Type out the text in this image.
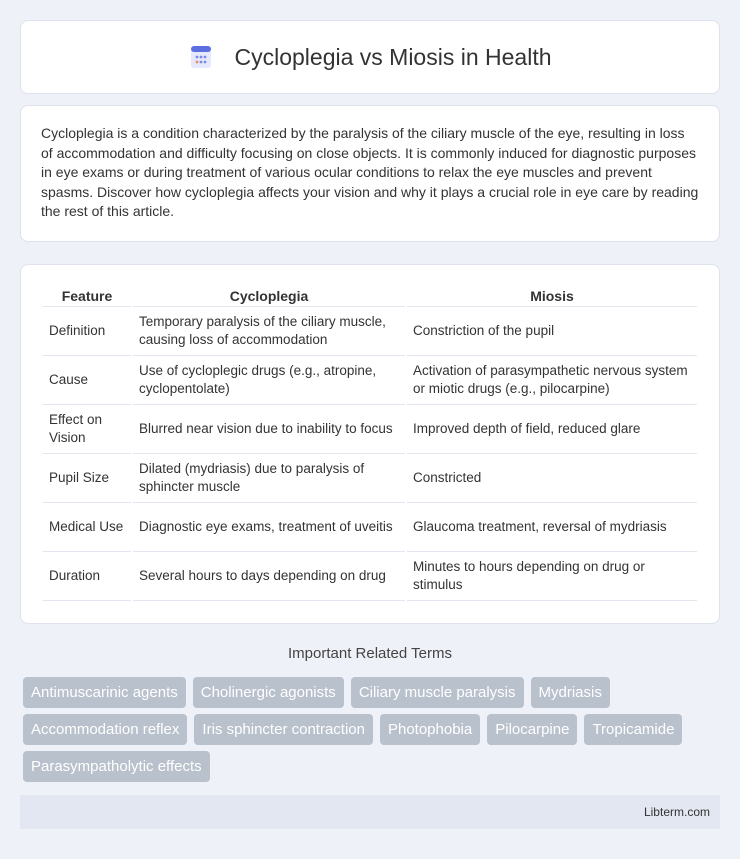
Cycloplegia vs Miosis in Health

Cycloplegia is a condition characterized by the paralysis of the ciliary muscle of the eye, resulting in loss of accommodation and difficulty focusing on close objects. It is commonly induced for diagnostic purposes in eye exams or during treatment of various ocular conditions to relax the eye muscles and prevent spasms. Discover how cycloplegia affects your vision and why it plays a crucial role in eye care by reading the rest of this article.

Feature	Cycloplegia	Miosis
Definition	Temporary paralysis of the ciliary muscle, causing loss of accommodation	Constriction of the pupil
Cause	Use of cycloplegic drugs (e.g., atropine, cyclopentolate)	Activation of parasympathetic nervous system or miotic drugs (e.g., pilocarpine)
Effect on Vision	Blurred near vision due to inability to focus	Improved depth of field, reduced glare
Pupil Size	Dilated (mydriasis) due to paralysis of sphincter muscle	Constricted
Medical Use	Diagnostic eye exams, treatment of uveitis	Glaucoma treatment, reversal of mydriasis
Duration	Several hours to days depending on drug	Minutes to hours depending on drug or stimulus
Important Related Terms
Antimuscarinic agents	Cholinergic agonists	Ciliary muscle paralysis	Mydriasis
Accommodation reflex	Iris sphincter contraction	Photophobia	Pilocarpine	Tropicamide
Parasympatholytic effects
Libterm.com
